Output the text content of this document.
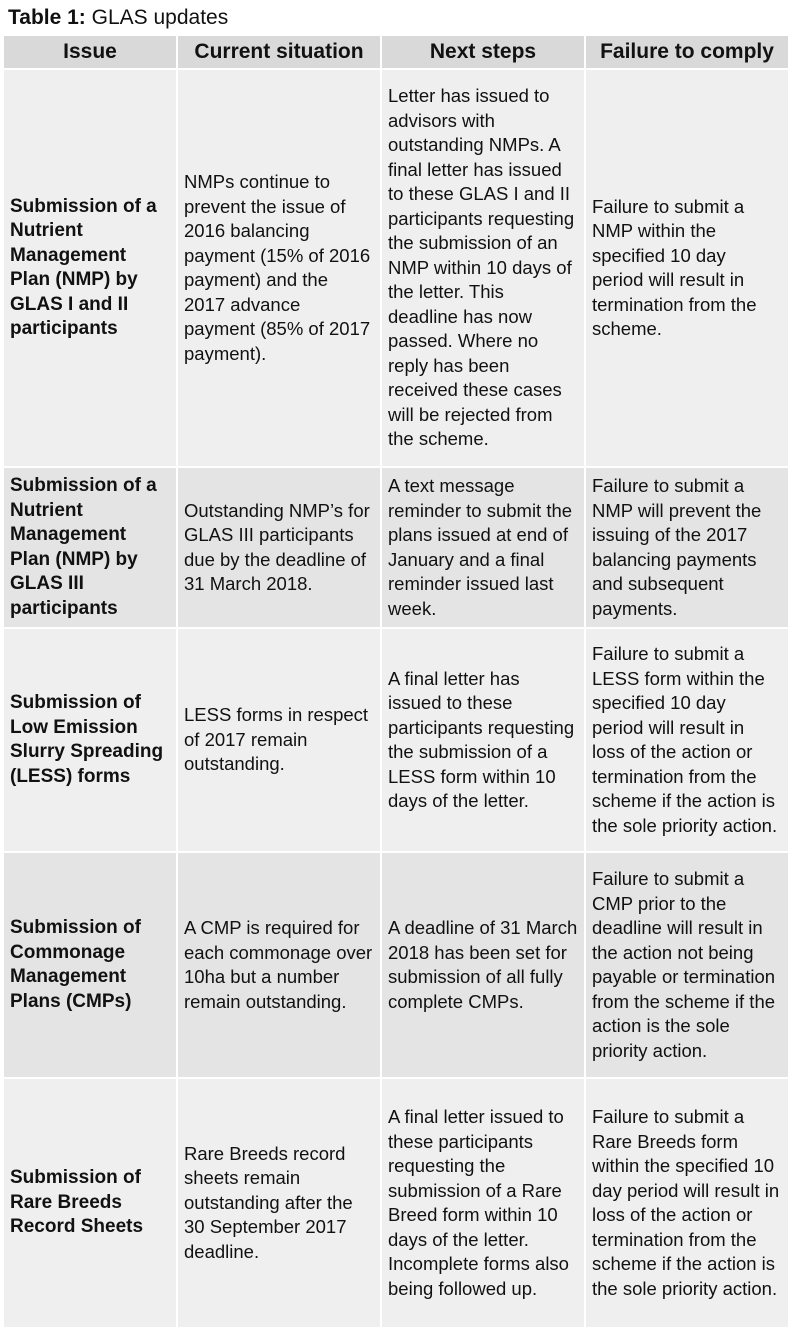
Table 1: GLAS updates
Issue	Current situation	Next steps	Failure to comply
Submission of a Nutrient Management Plan (NMP) by GLAS I and II participants	NMPs continue to prevent the issue of 2016 balancing payment (15% of 2016 payment) and the 2017 advance payment (85% of 2017 payment).	Letter has issued to advisors with outstanding NMPs. A final letter has issued to these GLAS I and II participants requesting the submission of an NMP within 10 days of the letter. This deadline has now passed. Where no reply has been received these cases will be rejected from the scheme.	Failure to submit a NMP within the specified 10 day period will result in termination from the scheme.
Submission of a Nutrient Management Plan (NMP) by GLAS III participants	Outstanding NMP’s for GLAS III participants due by the deadline of 31 March 2018.	A text message reminder to submit the plans issued at end of January and a final reminder issued last week.	Failure to submit a NMP will prevent the issuing of the 2017 balancing payments and subsequent payments.
Submission of Low Emission Slurry Spreading (LESS) forms	LESS forms in respect of 2017 remain outstanding.	A final letter has issued to these participants requesting the submission of a LESS form within 10 days of the letter.	Failure to submit a LESS form within the specified 10 day period will result in loss of the action or termination from the scheme if the action is the sole priority action.
Submission of Commonage Management Plans (CMPs)	A CMP is required for each commonage over 10ha but a number remain outstanding.	A deadline of 31 March 2018 has been set for submission of all fully complete CMPs.	Failure to submit a CMP prior to the deadline will result in the action not being payable or termination from the scheme if the action is the sole priority action.
Submission of Rare Breeds Record Sheets	Rare Breeds record sheets remain outstanding after the 30 September 2017 deadline.	A final letter issued to these participants requesting the submission of a Rare Breed form within 10 days of the letter. Incomplete forms also being followed up.	Failure to submit a Rare Breeds form within the specified 10 day period will result in loss of the action or termination from the scheme if the action is the sole priority action.
